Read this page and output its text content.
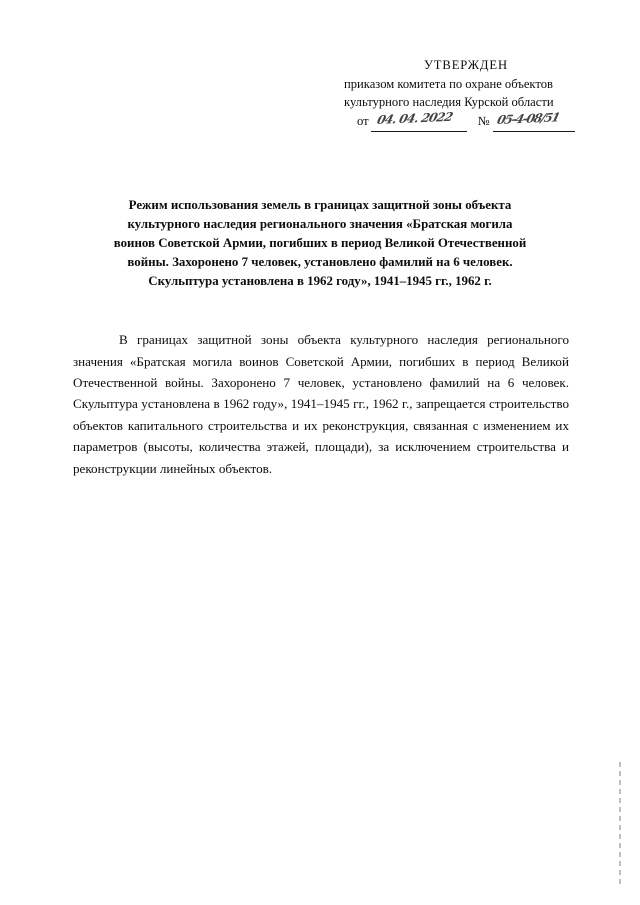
УТВЕРЖДЕН
приказом комитета по охране объектов
культурного наследия Курской области
от 04. 04. 2022 № 05-4-08/51
Режим использования земель в границах защитной зоны объекта
культурного наследия регионального значения «Братская могила
воинов Советской Армии, погибших в период Великой Отечественной
войны. Захоронено 7 человек, установлено фамилий на 6 человек.
Скульптура установлена в 1962 году», 1941–1945 гг., 1962 г.

В границах защитной зоны объекта культурного наследия регионального значения «Братская могила воинов Советской Армии, погибших в период Великой Отечественной войны. Захоронено 7 человек, установлено фамилий на 6 человек. Скульптура установлена в 1962 году», 1941–1945 гг., 1962 г., запрещается строительство объектов капитального строительства и их реконструкция, связанная с изменением их параметров (высоты, количества этажей, площади), за исключением строительства и реконструкции линейных объектов.
